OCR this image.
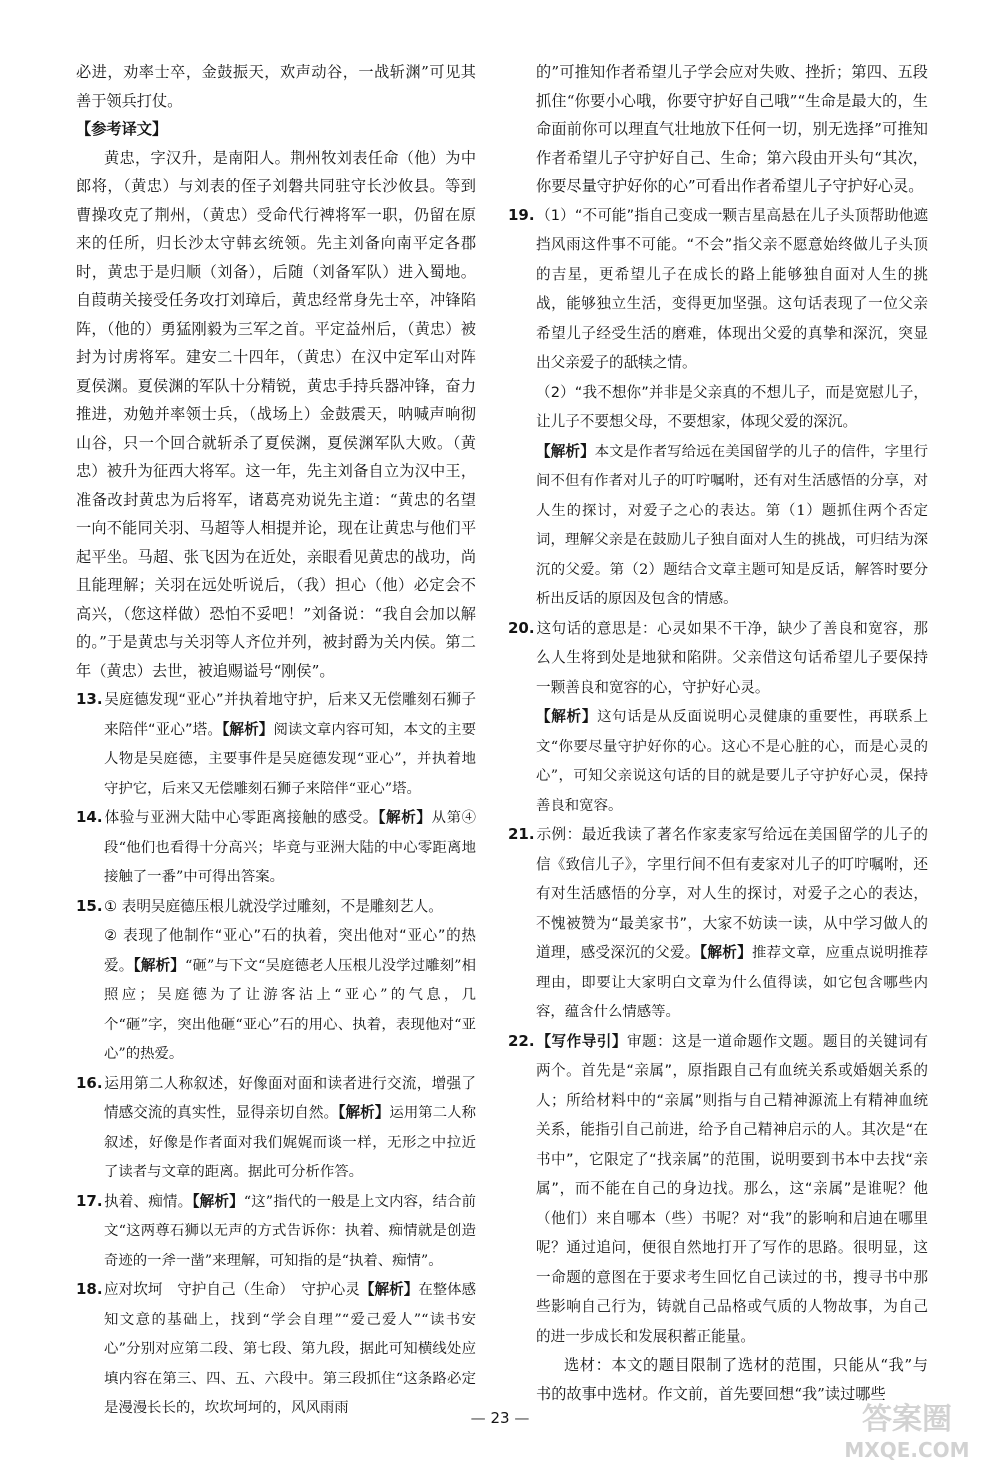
必进，劝率士卒，金鼓振天，欢声动谷，一战斩渊”可见其善于领兵打仗。

【参考译文】

黄忠，字汉升，是南阳人。荆州牧刘表任命（他）为中郎将，（黄忠）与刘表的侄子刘磐共同驻守长沙攸县。等到曹操攻克了荆州，（黄忠）受命代行裨将军一职，仍留在原来的任所，归长沙太守韩玄统领。先主刘备向南平定各郡时，黄忠于是归顺（刘备），后随（刘备军队）进入蜀地。自葭萌关接受任务攻打刘璋后，黄忠经常身先士卒，冲锋陷阵，（他的）勇猛刚毅为三军之首。平定益州后，（黄忠）被封为讨虏将军。建安二十四年，（黄忠）在汉中定军山对阵夏侯渊。夏侯渊的军队十分精锐，黄忠手持兵器冲锋，奋力推进，劝勉并率领士兵，（战场上）金鼓震天，呐喊声响彻山谷，只一个回合就斩杀了夏侯渊，夏侯渊军队大败。（黄忠）被升为征西大将军。这一年，先主刘备自立为汉中王，准备改封黄忠为后将军，诸葛亮劝说先主道：“黄忠的名望一向不能同关羽、马超等人相提并论，现在让黄忠与他们平起平坐。马超、张飞因为在近处，亲眼看见黄忠的战功，尚且能理解；关羽在远处听说后，（我）担心（他）必定会不高兴，（您这样做）恐怕不妥吧！”刘备说：“我自会加以解的。”于是黄忠与关羽等人齐位并列，被封爵为关内侯。第二年（黄忠）去世，被追赐谥号“刚侯”。

13.吴庭德发现“亚心”并执着地守护，后来又无偿雕刻石狮子来陪伴“亚心”塔。【解析】阅读文章内容可知，本文的主要人物是吴庭德，主要事件是吴庭德发现“亚心”，并执着地守护它，后来又无偿雕刻石狮子来陪伴“亚心”塔。

14.体验与亚洲大陆中心零距离接触的感受。【解析】从第④段“他们也看得十分高兴；毕竟与亚洲大陆的中心零距离地接触了一番”中可得出答案。

15.① 表明吴庭德压根儿就没学过雕刻，不是雕刻艺人。

② 表现了他制作“亚心”石的执着，突出他对“亚心”的热爱。【解析】“砸”与下文“吴庭德老人压根儿没学过雕刻”相照应；吴庭德为了让游客沾上“亚心”的气息，几个“砸”字，突出他砸“亚心”石的用心、执着，表现他对“亚心”的热爱。

16.运用第二人称叙述，好像面对面和读者进行交流，增强了情感交流的真实性，显得亲切自然。【解析】运用第二人称叙述，好像是作者面对我们娓娓而谈一样，无形之中拉近了读者与文章的距离。据此可分析作答。

17.执着、痴情。【解析】“这”指代的一般是上文内容，结合前文“这两尊石狮以无声的方式告诉你：执着、痴情就是创造奇迹的一斧一凿”来理解，可知指的是“执着、痴情”。

18.应对坎坷　守护自己（生命）　守护心灵【解析】在整体感知文意的基础上，找到“学会自理”“爱己爱人”“读书安心”分别对应第二段、第七段、第九段，据此可知横线处应填内容在第三、四、五、六段中。第三段抓住“这条路必定是漫漫长长的，坎坎坷坷的，风风雨雨

的”可推知作者希望儿子学会应对失败、挫折；第四、五段抓住“你要小心哦，你要守护好自己哦”“生命是最大的，生命面前你可以理直气壮地放下任何一切，别无选择”可推知作者希望儿子守护好自己、生命；第六段由开头句“其次，你要尽量守护好你的心”可看出作者希望儿子守护好心灵。

19.（1）“不可能”指自己变成一颗吉星高悬在儿子头顶帮助他遮挡风雨这件事不可能。“不会”指父亲不愿意始终做儿子头顶的吉星，更希望儿子在成长的路上能够独自面对人生的挑战，能够独立生活，变得更加坚强。这句话表现了一位父亲希望儿子经受生活的磨难，体现出父爱的真挚和深沉，突显出父亲爱子的舐犊之情。

（2）“我不想你”并非是父亲真的不想儿子，而是宽慰儿子，让儿子不要想父母，不要想家，体现父爱的深沉。

【解析】本文是作者写给远在美国留学的儿子的信件，字里行间不但有作者对儿子的叮咛嘱咐，还有对生活感悟的分享，对人生的探讨，对爱子之心的表达。第（1）题抓住两个否定词，理解父亲是在鼓励儿子独自面对人生的挑战，可归结为深沉的父爱。第（2）题结合文章主题可知是反话，解答时要分析出反话的原因及包含的情感。

20.这句话的意思是：心灵如果不干净，缺少了善良和宽容，那么人生将到处是地狱和陷阱。父亲借这句话希望儿子要保持一颗善良和宽容的心，守护好心灵。

【解析】这句话是从反面说明心灵健康的重要性，再联系上文“你要尽量守护好你的心。这心不是心脏的心，而是心灵的心”，可知父亲说这句话的目的就是要儿子守护好心灵，保持善良和宽容。

21.示例：最近我读了著名作家麦家写给远在美国留学的儿子的信《致信儿子》，字里行间不但有麦家对儿子的叮咛嘱咐，还有对生活感悟的分享，对人生的探讨，对爱子之心的表达，不愧被赞为“最美家书”，大家不妨读一读，从中学习做人的道理，感受深沉的父爱。【解析】推荐文章，应重点说明推荐理由，即要让大家明白文章为什么值得读，如它包含哪些内容，蕴含什么情感等。

22.【写作导引】审题：这是一道命题作文题。题目的关键词有两个。首先是“亲属”，原指跟自己有血统关系或婚姻关系的人；所给材料中的“亲属”则指与自己精神源流上有精神血统关系，能指引自己前进，给予自己精神启示的人。其次是“在书中”，它限定了“找亲属”的范围，说明要到书本中去找“亲属”，而不能在自己的身边找。那么，这“亲属”是谁呢？他（他们）来自哪本（些）书呢？对“我”的影响和启迪在哪里呢？通过追问，便很自然地打开了写作的思路。很明显，这一命题的意图在于要求考生回忆自己读过的书，搜寻书中那些影响自己行为，铸就自己品格或气质的人物故事，为自己的进一步成长和发展积蓄正能量。

选材：本文的题目限制了选材的范围，只能从“我”与书的故事中选材。作文前，首先要回想“我”读过哪些

— 23 —	答案圈
MXQE.COM
